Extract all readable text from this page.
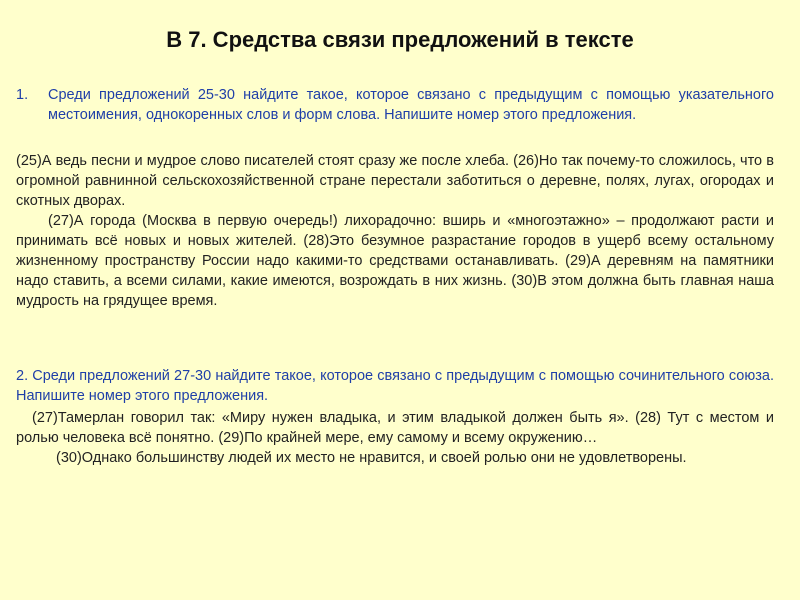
В 7. Средства связи предложений в тексте
1. Среди предложений 25-30 найдите такое, которое связано с предыдущим с помощью указательного местоимения, однокоренных слов и форм слова. Напишите номер этого предложения.

(25)А ведь песни и мудрое слово писателей стоят сразу же после хлеба. (26)Но так почему-то сложилось, что в огромной равнинной сельскохозяйственной стране перестали заботиться о деревне, полях, лугах, огородах и скотных дворах.

(27)А города (Москва в первую очередь!) лихорадочно: вширь и «многоэтажно» – продолжают расти и принимать всё новых и новых жителей. (28)Это безумное разрастание городов в ущерб всему остальному жизненному пространству России надо какими-то средствами останавливать. (29)А деревням на памятники надо ставить, а всеми силами, какие имеются, возрождать в них жизнь. (30)В этом должна быть главная наша мудрость на грядущее время.

2. Среди предложений 27-30 найдите такое, которое связано с предыдущим с помощью сочинительного союза. Напишите номер этого предложения.

(27)Тамерлан говорил так: «Миру нужен владыка, и этим владыкой должен быть я». (28) Тут с местом и ролью человека всё понятно. (29)По крайней мере, ему самому и всему окружению…

(30)Однако большинству людей их место не нравится, и своей ролью они не удовлетворены.
